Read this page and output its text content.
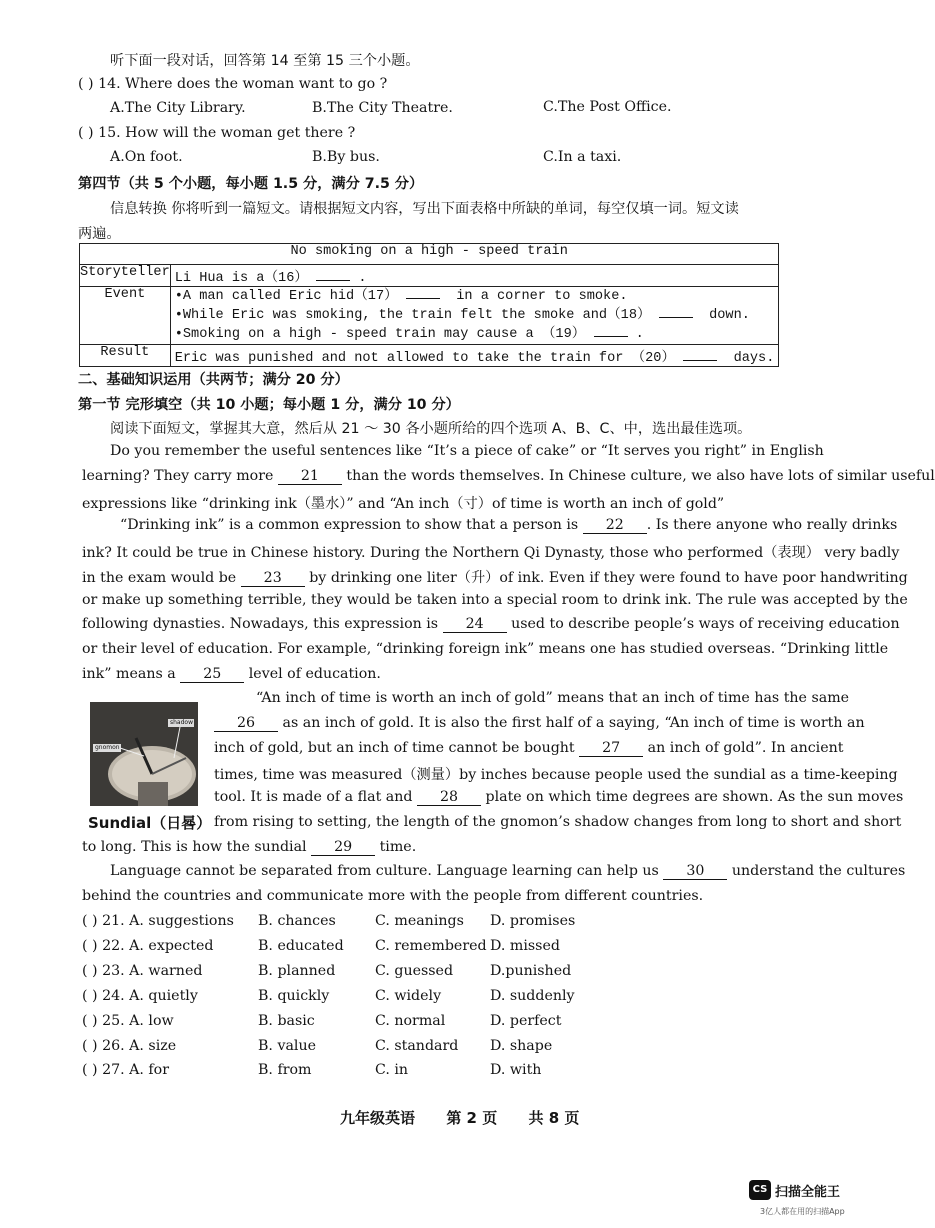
听下面一段对话，回答第 14 至第 15 三个小题。
( ) 14. Where does the woman want to go ?
A.The City Library.	B.The City Theatre.	C.The Post Office.
( ) 15. How will the woman get there ?
A.On foot.	B.By bus.	C.In a taxi.
第四节（共 5 个小题，每小题 1.5 分，满分 7.5 分）
信息转换 你将听到一篇短文。请根据短文内容，写出下面表格中所缺的单词，每空仅填一词。短文读
两遍。
No smoking on a high - speed train	
Storyteller	Li Hua is a（16） .
Event	•A man called Eric hid（17） in a corner to smoke.
•While Eric was smoking, the train felt the smoke and（18） down.
•Smoking on a high - speed train may cause a （19） .

Result	Eric was punished and not allowed to take the train for （20） days.
二、基础知识运用（共两节；满分 20 分）
第一节 完形填空（共 10 小题；每小题 1 分，满分 10 分）
阅读下面短文，掌握其大意，然后从 21 ～ 30 各小题所给的四个选项 A、B、C、中，选出最佳选项。
Do you remember the useful sentences like “It’s a piece of cake” or “It serves you right” in English
learning? They carry more 21 than the words themselves. In Chinese culture, we also have lots of similar useful
expressions like “drinking ink（墨水）” and “An inch（寸）of time is worth an inch of gold”
“Drinking ink” is a common expression to show that a person is 22 . Is there anyone who really drinks
ink? It could be true in Chinese history. During the Northern Qi Dynasty, those who performed（表现） very badly
in the exam would be 23 by drinking one liter（升）of ink. Even if they were found to have poor handwriting
or make up something terrible, they would be taken into a special room to drink ink. The rule was accepted by the
following dynasties. Nowadays, this expression is 24 used to describe people’s ways of receiving education
or their level of education. For example, “drinking foreign ink” means one has studied overseas. “Drinking little
ink” means a 25 level of education.
shadow
gnomon
Sundial（日晷）
“An inch of time is worth an inch of gold” means that an inch of time has the same
26 as an inch of gold. It is also the first half of a saying, “An inch of time is worth an
inch of gold, but an inch of time cannot be bought 27 an inch of gold”. In ancient
times, time was measured（测量）by inches because people used the sundial as a time-keeping
tool. It is made of a flat and 28 plate on which time degrees are shown. As the sun moves
from rising to setting, the length of the gnomon’s shadow changes from long to short and short
to long. This is how the sundial 29 time.
Language cannot be separated from culture. Language learning can help us 30 understand the cultures
behind the countries and communicate more with the people from different countries.
( ) 21. A. suggestions B. chances	C. meanings D. promises
( ) 22. A. expected	B. educated C. remembered D. missed
( ) 23. A. warned	B. planned	C. guessed	D.punished
( ) 24. A. quietly	B. quickly	C. widely	D. suddenly
( ) 25. A. low	B. basic	C. normal	D. perfect
( ) 26. A. size	B. value	C. standard D. shape
( ) 27. A. for	B. from	C. in	D. with
九年级英语      第 2 页      共 8 页
CS 扫描全能王
3亿人都在用的扫描App
